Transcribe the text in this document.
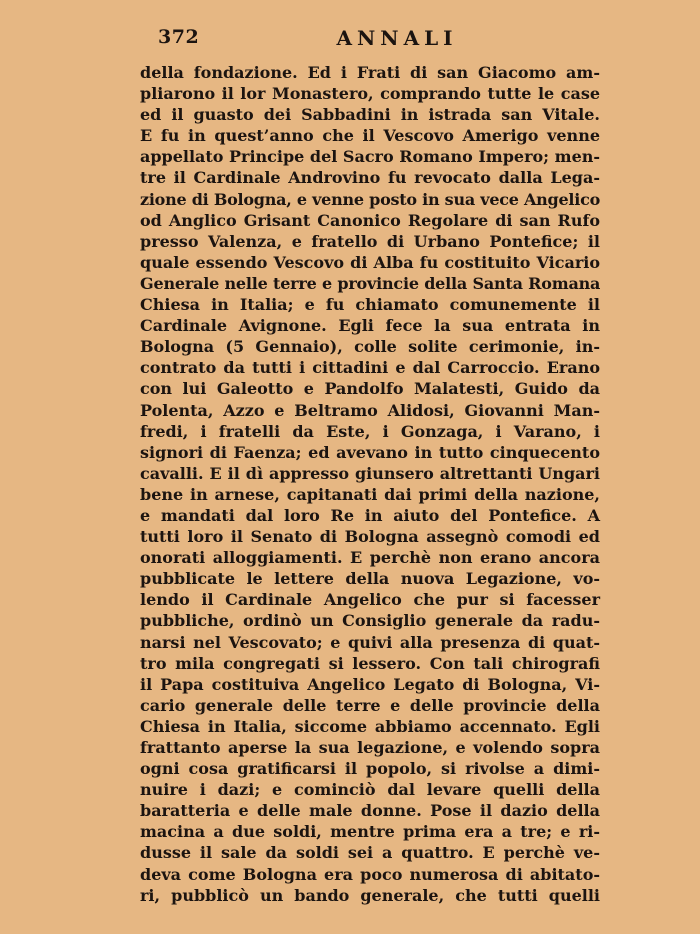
372	ANNALI
della fondazione. Ed i Frati di san Giacomo am-
pliarono il lor Monastero, comprando tutte le case
ed il guasto dei Sabbadini in istrada san Vitale.
E fu in quest’anno che il Vescovo Amerigo venne
appellato Principe del Sacro Romano Impero; men-
tre il Cardinale Androvino fu revocato dalla Lega-
zione di Bologna, e venne posto in sua vece Angelico
od Anglico Grisant Canonico Regolare di san Rufo
presso Valenza, e fratello di Urbano Pontefice; il
quale essendo Vescovo di Alba fu costituito Vicario
Generale nelle terre e provincie della Santa Romana
Chiesa in Italia; e fu chiamato comunemente il
Cardinale Avignone. Egli fece la sua entrata in
Bologna (5 Gennaio), colle solite cerimonie, in-
contrato da tutti i cittadini e dal Carroccio. Erano
con lui Galeotto e Pandolfo Malatesti, Guido da
Polenta, Azzo e Beltramo Alidosi, Giovanni Man-
fredi, i fratelli da Este, i Gonzaga, i Varano, i
signori di Faenza; ed avevano in tutto cinquecento
cavalli. E il dì appresso giunsero altrettanti Ungari
bene in arnese, capitanati dai primi della nazione,
e mandati dal loro Re in aiuto del Pontefice. A
tutti loro il Senato di Bologna assegnò comodi ed
onorati alloggiamenti. E perchè non erano ancora
pubblicate le lettere della nuova Legazione, vo-
lendo il Cardinale Angelico che pur si facesser
pubbliche, ordinò un Consiglio generale da radu-
narsi nel Vescovato; e quivi alla presenza di quat-
tro mila congregati si lessero. Con tali chirografi
il Papa costituiva Angelico Legato di Bologna, Vi-
cario generale delle terre e delle provincie della
Chiesa in Italia, siccome abbiamo accennato. Egli
frattanto aperse la sua legazione, e volendo sopra
ogni cosa gratificarsi il popolo, si rivolse a dimi-
nuire i dazi; e cominciò dal levare quelli della
baratteria e delle male donne. Pose il dazio della
macina a due soldi, mentre prima era a tre; e ri-
dusse il sale da soldi sei a quattro. E perchè ve-
deva come Bologna era poco numerosa di abitato-
ri, pubblicò un bando generale, che tutti quelli
